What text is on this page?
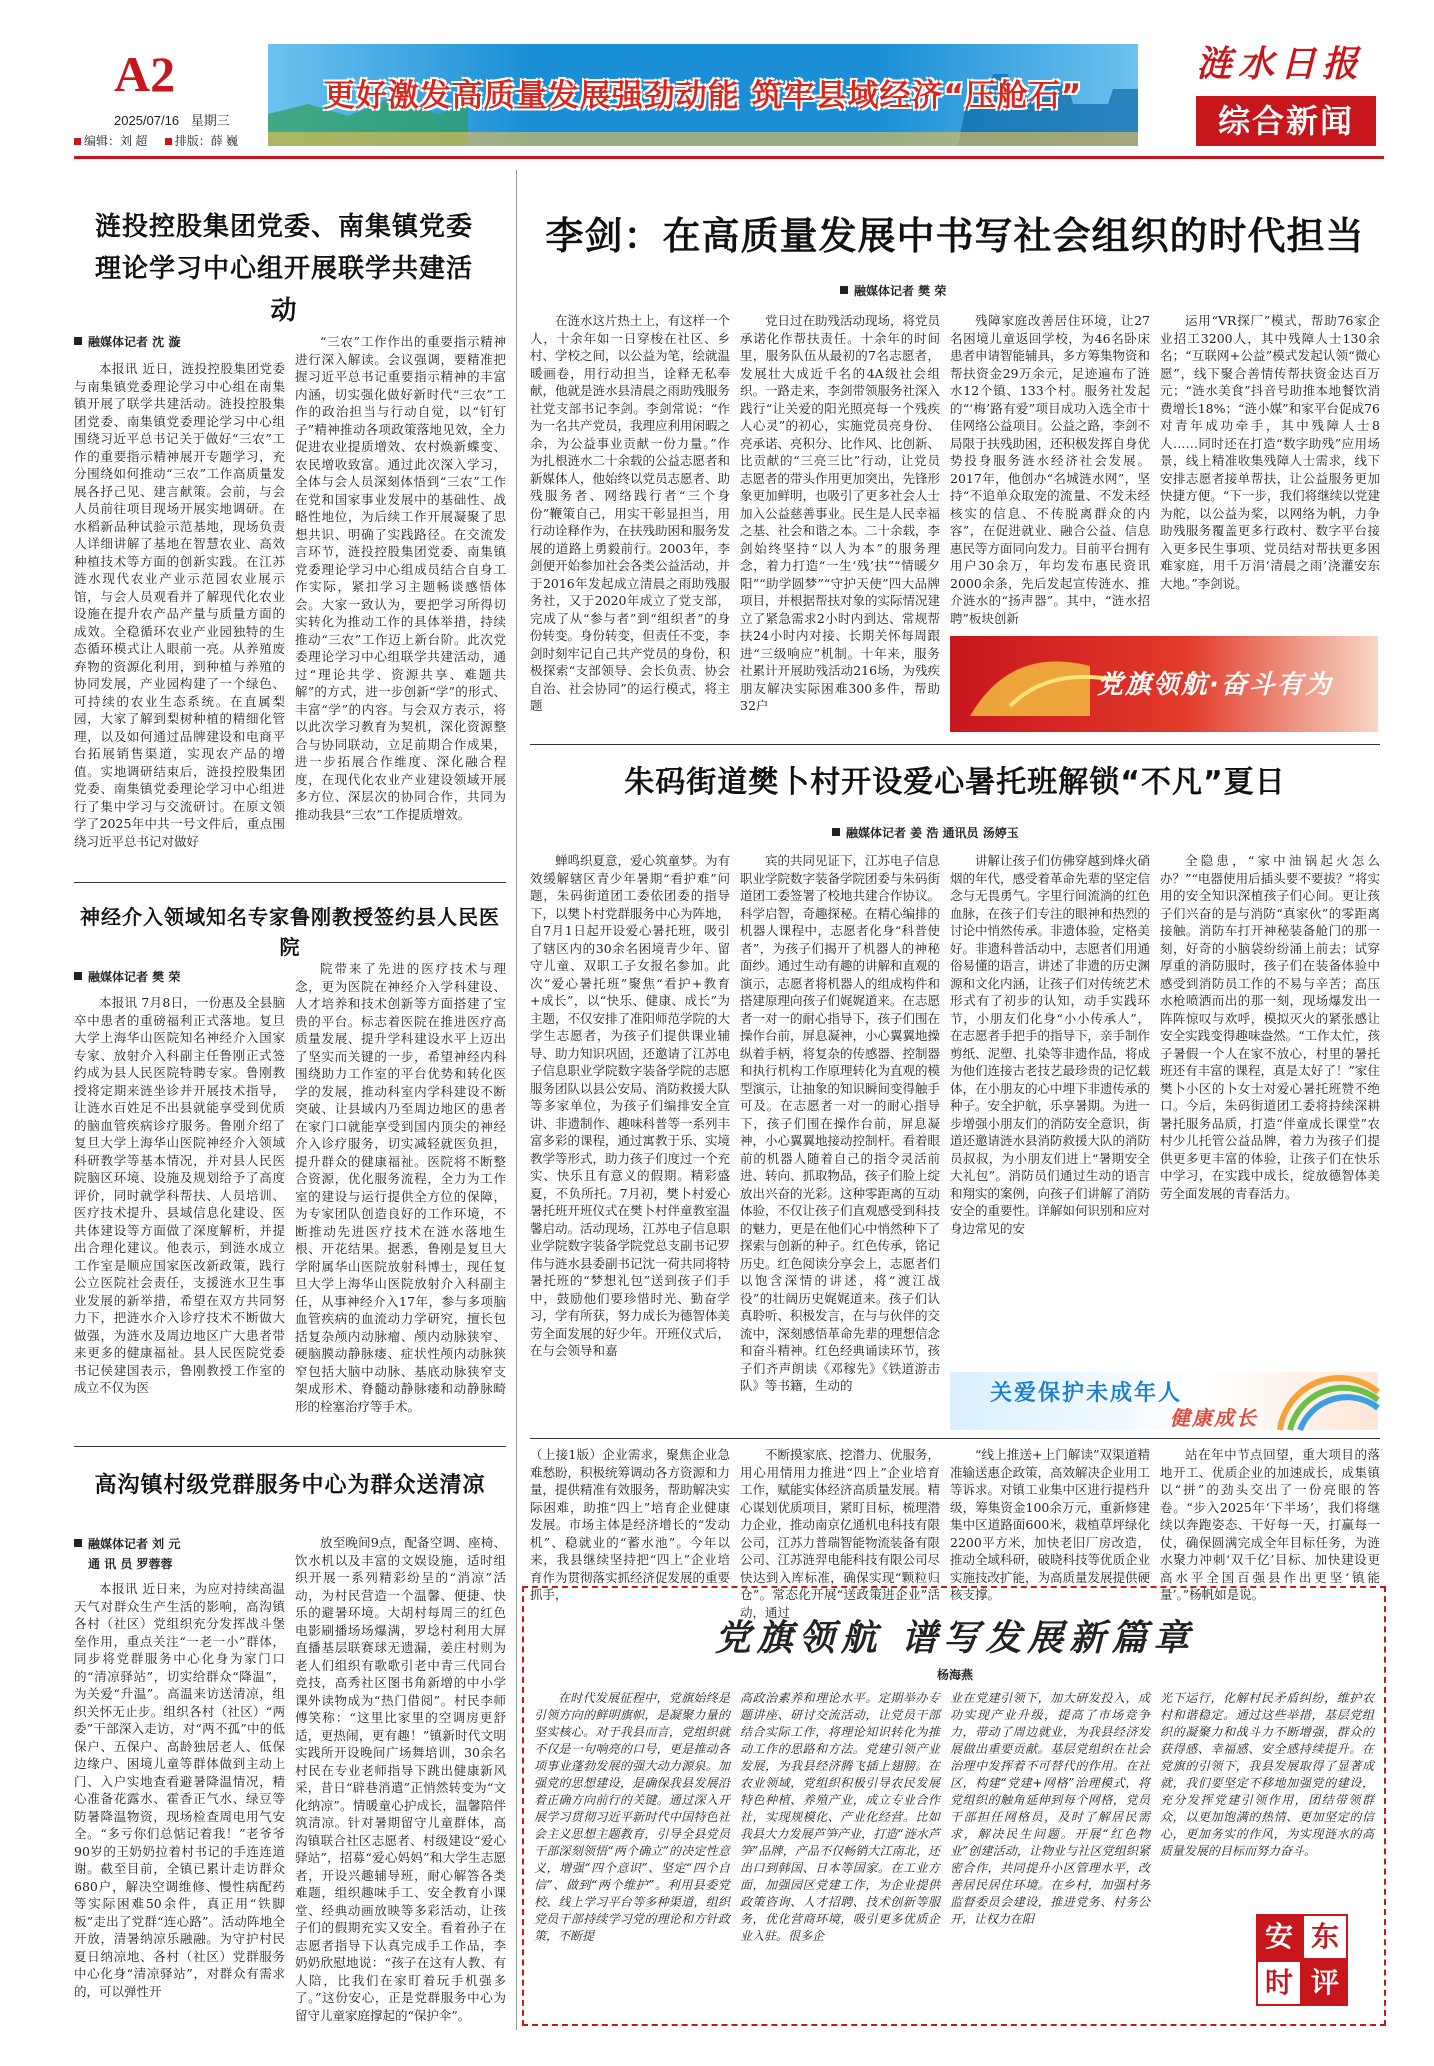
A2
2025/07/16 星期三
编辑：刘 超 排版：薛 巍
更好激发高质量发展强劲动能 筑牢县域经济“压舱石”
涟水日报
综合新闻
涟投控股集团党委、南集镇党委
理论学习中心组开展联学共建活动
融媒体记者 沈 漩

本报讯 近日，涟投控股集团党委与南集镇党委理论学习中心组在南集镇开展了联学共建活动。涟投控股集团党委、南集镇党委理论学习中心组围绕习近平总书记关于做好“三农”工作的重要指示精神展开专题学习，充分围绕如何推动“三农”工作高质量发展各抒己见、建言献策。会前，与会人员前往项目现场开展实地调研。在水稻新品种试验示范基地，现场负责人详细讲解了基地在智慧农业、高效种植技术等方面的创新实践。在江苏涟水现代农业产业示范园农业展示馆，与会人员观看并了解现代化农业设施在提升农产品产量与质量方面的成效。全稳循环农业产业园独特的生态循环模式让人眼前一亮。从养殖废弃物的资源化利用，到种植与养殖的协同发展，产业园构建了一个绿色、可持续的农业生态系统。在直属梨园，大家了解到梨树种植的精细化管理，以及如何通过品牌建设和电商平台拓展销售渠道，实现农产品的增值。实地调研结束后，涟投控股集团党委、南集镇党委理论学习中心组进行了集中学习与交流研讨。在原文领学了2025年中共一号文件后，重点围绕习近平总书记对做好

“三农”工作作出的重要指示精神进行深入解读。会议强调，要精准把握习近平总书记重要指示精神的丰富内涵，切实强化做好新时代“三农”工作的政治担当与行动自觉，以“钉钉子”精神推动各项政策落地见效，全力促进农业提质增效、农村焕新蝶变、农民增收致富。通过此次深入学习，全体与会人员深刻体悟到“三农”工作在党和国家事业发展中的基础性、战略性地位，为后续工作开展凝聚了思想共识、明确了实践路径。在交流发言环节，涟投控股集团党委、南集镇党委理论学习中心组成员结合自身工作实际，紧扣学习主题畅谈感悟体会。大家一致认为，要把学习所得切实转化为推动工作的具体举措，持续推动“三农”工作迈上新台阶。此次党委理论学习中心组联学共建活动，通过“理论共学、资源共享、难题共解”的方式，进一步创新“学”的形式、丰富“学”的内容。与会双方表示，将以此次学习教育为契机，深化资源整合与协同联动，立足前期合作成果，进一步拓展合作维度、深化融合程度，在现代化农业产业建设领域开展多方位、深层次的协同合作，共同为推动我县“三农”工作提质增效。

神经介入领域知名专家鲁刚教授签约县人民医院
融媒体记者 樊 荣

本报讯 7月8日，一份惠及全县脑卒中患者的重磅福利正式落地。复旦大学上海华山医院知名神经介入国家专家、放射介入科副主任鲁刚正式签约成为县人民医院特聘专家。鲁刚教授将定期来涟坐诊并开展技术指导，让涟水百姓足不出县就能享受到优质的脑血管疾病诊疗服务。鲁刚介绍了复旦大学上海华山医院神经介入领域科研教学等基本情况，并对县人民医院脑区环境、设施及规划给予了高度评价，同时就学科帮扶、人员培训、医疗技术提升、县域信息化建设、医共体建设等方面做了深度解析，并提出合理化建议。他表示，到涟水成立工作室是顺应国家医改新政策，践行公立医院社会责任，支援涟水卫生事业发展的新举措，希望在双方共同努力下，把涟水介入诊疗技术不断做大做强，为涟水及周边地区广大患者带来更多的健康福祉。县人民医院党委书记侯建国表示，鲁刚教授工作室的成立不仅为医

院带来了先进的医疗技术与理念，更为医院在神经介入学科建设、人才培养和技术创新等方面搭建了宝贵的平台。标志着医院在推进医疗高质量发展、提升学科建设水平上迈出了坚实而关键的一步，希望神经内科围绕助力工作室的平台优势和转化医学的发展，推动科室内学科建设不断突破、让县域内乃至周边地区的患者在家门口就能享受到国内顶尖的神经介入诊疗服务，切实减轻就医负担，提升群众的健康福祉。医院将不断整合资源，优化服务流程，全力为工作室的建设与运行提供全方位的保障，为专家团队创造良好的工作环境，不断推动先进医疗技术在涟水落地生根、开花结果。据悉，鲁刚是复旦大学附属华山医院放射科博士，现任复旦大学上海华山医院放射介入科副主任，从事神经介入17年，参与多项脑血管疾病的血流动力学研究，擅长包括复杂颅内动脉瘤、颅内动脉狭窄、硬脑膜动静脉瘘、症状性颅内动脉狭窄包括大脑中动脉、基底动脉狭窄支架成形术、脊髓动静脉瘘和动静脉畸形的栓塞治疗等手术。

高沟镇村级党群服务中心为群众送清凉
融媒体记者 刘 元
通 讯 员 罗蓉蓉

本报讯 近日来，为应对持续高温天气对群众生产生活的影响，高沟镇各村（社区）党组织充分发挥战斗堡垒作用，重点关注“一老一小”群体，同步将党群服务中心化身为家门口的“清凉驿站”，切实给群众“降温”，为关爱“升温”。高温来访送清凉，组织关怀无止步。组织各村（社区）“两委”干部深入走访，对“两不孤”中的低保户、五保户、高龄独居老人、低保边缘户、困境儿童等群体做到主动上门、入户实地查看避暑降温情况，精心准备花露水、霍香正气水、绿豆等防暑降温物资，现场检查周电用气安全。“多亏你们总惦记着我！”老爷爷90岁的王奶奶拉着村书记的手连连道谢。截至目前，全镇已累计走访群众680户，解决空调维修、慢性病配药等实际困难50余件，真正用“铁脚板”走出了党群“连心路”。活动阵地全开放，清暑纳凉乐融融。为守护村民夏日纳凉地、各村（社区）党群服务中心化身“清凉驿站”，对群众有需求的，可以弹性开

放至晚间9点，配备空调、座椅、饮水机以及丰富的文娱设施，适时组织开展一系列精彩纷呈的“消凉”活动，为村民营造一个温馨、便捷、快乐的避暑环境。大胡村每周三的红色电影刷播场场爆满，罗埝村利用大屏直播基层联赛球无遗漏，姜庄村则为老人们组织有歌歌引老中青三代同台竞技，高秀社区图书角新增的中小学课外读物成为“热门借阅”。村民李师傅笑称：“这里比家里的空调房更舒适，更热闹，更有趣！”镇新时代文明实践所开设晚间广场舞培训，30余名村民在专业老师指导下跳出健康新风采，昔日“辟巷消遣”正悄然转变为“文化纳凉”。情暖童心护成长，温馨陪伴筑清凉。针对暑期留守儿童群体，高沟镇联合社区志愿者、村级建设“爱心驿站”，招募“爱心妈妈”和大学生志愿者，开设兴趣辅导班，耐心解答各类难题，组织趣味手工、安全教育小课堂、经典动画放映等多彩活动，让孩子们的假期充实又安全。看着孙子在志愿者指导下认真完成手工作品，李奶奶欣慰地说：“孩子在这有人教、有人陪，比我们在家盯着玩手机强多了。”这份安心，正是党群服务中心为留守儿童家庭撑起的“保护伞”。

李剑：在高质量发展中书写社会组织的时代担当
融媒体记者 樊 荣

在涟水这片热土上，有这样一个人，十余年如一日穿梭在社区、乡村、学校之间，以公益为笔，绘就温暖画卷，用行动担当，诠释无私奉献，他就是涟水县清晨之雨助残服务社党支部书记李剑。李剑常说：“作为一名共产党员，我理应利用闲暇之余，为公益事业贡献一份力量。”作为扎根涟水二十余载的公益志愿者和新媒体人，他始终以党员志愿者、助残服务者、网络践行者“三个身份”鞭策自己，用实干彰显担当，用行动诠释作为，在扶残助困和服务发展的道路上勇毅前行。2003年，李剑便开始参加社会各类公益活动，并于2016年发起成立清晨之雨助残服务社，又于2020年成立了党支部，完成了从“参与者”到“组织者”的身份转变。身份转变，但责任不变，李剑时刻牢记自己共产党员的身份，积极探索“支部领导、会长负责、协会自治、社会协同”的运行模式，将主题

党日过在助残活动现场，将党员承诺化作帮扶责任。十余年的时间里，服务队伍从最初的7名志愿者，发展壮大成近千名的4A级社会组织。一路走来，李剑带领服务社深入践行“让关爱的阳光照亮每一个残疾人心灵”的初心，实施党员亮身份、亮承诺、亮积分、比作风、比创新、比贡献的“三亮三比”行动，让党员志愿者的带头作用更加突出，先锋形象更加鲜明，也吸引了更多社会人士加入公益慈善事业。民生是人民幸福之基、社会和谐之本。二十余载，李剑始终坚持“以人为本”的服务理念，着力打造“一生‘残’扶”“情暖夕阳”“助学圆梦”“守护天使”四大品牌项目，并根据帮扶对象的实际情况建立了紧急需求2小时内到达、常规帮扶24小时内对接、长期关怀每周跟进“三级响应”机制。十年来，服务社累计开展助残活动216场，为残疾朋友解决实际困难300多件，帮助32户

残障家庭改善居住环境，让27名困境儿童返回学校，为46名卧床患者申请智能辅具，多方筹集物资和帮扶资金29万余元，足迹遍布了涟水12个镇、133个村。服务社发起的“‘梅’路有爱”项目成功入选全市十佳网络公益项目。公益之路，李剑不局限于扶残助困，还积极发挥自身优势投身服务涟水经济社会发展。2017年，他创办“名城涟水网”，坚持“不追单众取宠的流量、不发未经核实的信息、不传脱离群众的内容”，在促进就业、融合公益、信息惠民等方面同向发力。目前平台拥有用户30余万，年均发布惠民资讯2000余条，先后发起宣传涟水、推介涟水的“扬声器”。其中，“涟水招聘”板块创新

运用“VR探厂”模式，帮助76家企业招工3200人，其中残障人士130余名；“互联网+公益”模式发起认领“微心愿”，线下聚合善情传帮扶资金达百万元；“涟水美食”抖音号助推本地餐饮消费增长18%；“涟小媒”和家平台促成76对青年成功牵手，其中残障人士8人……同时还在打造“数字助残”应用场景，线上精准收集残障人士需求，线下安排志愿者接单帮扶，让公益服务更加快捷方便。“下一步，我们将继续以党建为舵，以公益为桨，以网络为帆，力争助残服务覆盖更多行政村、数字平台接入更多民生事项、党员结对帮扶更多困难家庭，用千万涓‘清晨之雨’浇灌安东大地。”李剑说。

党旗领航·奋斗有为
朱码街道樊卜村开设爱心暑托班解锁“不凡”夏日
融媒体记者 姜 浩 通讯员 汤婷玉

蝉鸣织夏意，爱心筑童梦。为有效缓解辖区青少年暑期“看护难”问题，朱码街道团工委依团委的指导下，以樊卜村党群服务中心为阵地，自7月1日起开设爱心暑托班，吸引了辖区内的30余名困境青少年、留守儿童、双职工子女报名参加。此次“爱心暑托班”聚焦“看护+教育+成长”，以“快乐、健康、成长”为主题，不仅安排了准阳师范学院的大学生志愿者，为孩子们提供课业辅导、助力知识巩固，还邀请了江苏电子信息职业学院数字装备学院的志愿服务团队以县公安局、消防救援大队等多家单位，为孩子们编排安全宣讲、非遗制作、趣味科普等一系列丰富多彩的课程，通过寓教于乐、实境教学等形式，助力孩子们度过一个充实、快乐且有意义的假期。精彩盛夏，不负所托。7月初，樊卜村爱心暑托班开班仪式在樊卜村伴童教室温馨启动。活动现场，江苏电子信息职业学院数字装备学院党总支副书记罗伟与涟水县委副书记沈一荷共同将特暑托班的“梦想礼包”送到孩子们手中，鼓励他们要珍惜时光、勤奋学习，学有所获，努力成长为德智体美劳全面发展的好少年。开班仪式后，在与会领导和嘉

宾的共同见证下，江苏电子信息职业学院数字装备学院团委与朱码街道团工委签署了校地共建合作协议。科学启智，奇趣探秘。在精心编排的机器人课程中，志愿者化身“科普使者”，为孩子们揭开了机器人的神秘面纱。通过生动有趣的讲解和直观的演示，志愿者将机器人的组成构件和搭建原理向孩子们娓娓道来。在志愿者一对一的耐心指导下，孩子们围在操作台前，屏息凝神，小心翼翼地操纵着手柄，将复杂的传感器、控制器和执行机构工作原理转化为直观的模型演示，让抽象的知识瞬间变得触手可及。在志愿者一对一的耐心指导下，孩子们围在操作台前，屏息凝神，小心翼翼地接动控制杆。看着眼前的机器人随着自己的指令灵活前进、转向、抓取物品，孩子们脸上绽放出兴奋的光彩。这种零距离的互动体验，不仅让孩子们直观感受到科技的魅力，更是在他们心中悄然种下了探索与创新的种子。红色传承，铭记历史。红色阅读分享会上，志愿者们以饱含深情的讲述，将“渡江战役”的壮阔历史娓娓道来。孩子们认真聆听、积极发言，在与与伙伴的交流中，深刻感悟革命先辈的理想信念和奋斗精神。红色经典诵读环节，孩子们齐声朗读《邓稼先》《铁道游击队》等书籍，生动的

讲解让孩子们仿佛穿越到烽火硝烟的年代，感受着革命先辈的坚定信念与无畏勇气。字里行间流淌的红色血脉，在孩子们专注的眼神和热烈的讨论中悄然传承。非遗体验，定格美好。非遗科普活动中，志愿者们用通俗易懂的语言，讲述了非遗的历史渊源和文化内涵，让孩子们对传统艺术形式有了初步的认知，动手实践环节，小朋友们化身“小小传承人”，在志愿者手把手的指导下，亲手制作剪纸、泥塑、扎染等非遗作品，将成为他们连接古老技艺最珍贵的记忆载体，在小朋友的心中埋下非遗传承的种子。安全护航，乐享暑期。为进一步增强小朋友们的消防安全意识，街道还邀请涟水县消防救援大队的消防员叔叔，为小朋友们进上“暑期安全大礼包”。消防员们通过生动的语言和翔实的案例，向孩子们讲解了消防安全的重要性。详解如何识别和应对身边常见的安

全隐患，“家中油锅起火怎么办？”“电器使用后插头要不要拔？”将实用的安全知识深植孩子们心间。更让孩子们兴奋的是与消防“真家伙”的零距离接触。消防车打开神秘装备舱门的那一刻，好奇的小脑袋纷纷涌上前去；试穿厚重的消防服时，孩子们在装备体验中感受到消防员工作的不易与辛苦；高压水枪喷洒而出的那一刻，现场爆发出一阵阵惊叹与欢呼，模拟灭火的紧张感让安全实践变得趣味盎然。“工作太忙，孩子暑假一个人在家不放心，村里的暑托班还有丰富的课程，真是太好了！”家住樊卜小区的卜女士对爱心暑托班赞不绝口。今后，朱码街道团工委将持续深耕暑托服务品质，打造“伴童成长课堂”农村少儿托管公益品牌，着力为孩子们提供更多更丰富的体验，让孩子们在快乐中学习，在实践中成长，绽放德智体美劳全面发展的青春活力。

关爱保护未成年人
健康成长

（上接1版）企业需求，聚焦企业急难愁盼，积极统筹调动各方资源和力量，提供精准有效服务，帮助解决实际困难，助推“四上”培育企业健康发展。市场主体是经济增长的“发动机”、稳就业的“蓄水池”。今年以来，我县继续坚持把“四上”企业培育作为贯彻落实抓经济促发展的重要抓手，

不断摸家底、挖潜力、优服务，用心用情用力推进“四上”企业培育工作，赋能实体经济高质量发展。精心谋划优质项目，紧盯目标，梳理潜力企业，推动南京亿通机电科技有限公司，江苏力普瑞智能物流装备有限公司、江苏涟羿电能科技有限公司尽快达到入库标准，确保实现“颗粒归仓”。常态化开展“送政策进企业”活动，通过

“线上推送+上门解读”双渠道精准输送惠企政策，高效解决企业用工等诉求。对镇工业集中区进行提档升级，筹集资金100余万元，重新修建集中区道路面600米，栽植草坪绿化2200平方米，加快老旧厂房改造，推动全域科研，破晓科技等优质企业实施技改扩能，为高质量发展提供硬核支撑。

站在年中节点回望，重大项目的落地开工、优质企业的加速成长，成集镇以“拼”的劲头交出了一份亮眼的答卷。“步入2025年‘下半场’，我们将继续以奔跑姿态、干好每一天，打赢每一仗，确保圆满完成全年目标任务，为涟水聚力冲刺‘双千亿’目标、加快建设更高水平全国百强县作出更坚‘镇能量’。”杨帆如是说。

党旗领航 谱写发展新篇章
杨海燕

在时代发展征程中，党旗始终是引领方向的鲜明旗帜，是凝聚力量的坚实核心。对于我县而言，党组织就不仅是一句响亮的口号，更是推动各项事业蓬勃发展的强大动力源泉。加强党的思想建设，是确保我县发展沿着正确方向前行的关键。通过深入开展学习贯彻习近平新时代中国特色社会主义思想主题教育，引导全县党员干部深刻领悟“两个确立”的决定性意义，增强“四个意识”、坚定“四个自信”、做到“两个维护”。利用县委党校、线上学习平台等多种渠道，组织党员干部持续学习党的理论和方针政策，不断提

高政治素养和理论水平。定期举办专题讲座、研讨交流活动，让党员干部结合实际工作，将理论知识转化为推动工作的思路和方法。党建引领产业发展，为我县经济腾飞插上翅膀。在农业领域，党组织积极引导农民发展特色种植、养殖产业，成立专业合作社，实现规模化、产业化经营。比如我县大力发展芦笋产业，打造“涟水芦笋”品牌，产品不仅畅销大江南北，还出口到韩国、日本等国家。在工业方面，加强园区党建工作，为企业提供政策咨询、人才招聘、技术创新等服务，优化营商环境，吸引更多优质企业入驻。很多企

业在党建引领下，加大研发投入，成功实现产业升级，提高了市场竞争力，带动了周边就业，为我县经济发展做出重要贡献。基层党组织在社会治理中发挥着不可替代的作用。在社区，构建“党建+网格”治理模式，将党组织的触角延伸到每个网格，党员干部担任网格员，及时了解居民需求，解决民生问题。开展“红色物业”创建活动，让物业与社区党组织紧密合作，共同提升小区管理水平，改善居民居住环境。在乡村，加强村务监督委员会建设，推进党务、村务公开，让权力在阳

光下运行，化解村民矛盾纠纷，维护农村和谐稳定。通过这些举措，基层党组织的凝聚力和战斗力不断增强，群众的获得感、幸福感、安全感持续提升。在党旗的引领下，我县发展取得了显著成就，我们要坚定不移地加强党的建设，充分发挥党建引领作用，团结带领群众，以更加饱满的热情、更加坚定的信心，更加务实的作风，为实现涟水的高质量发展的目标而努力奋斗。

安 东
时 评
